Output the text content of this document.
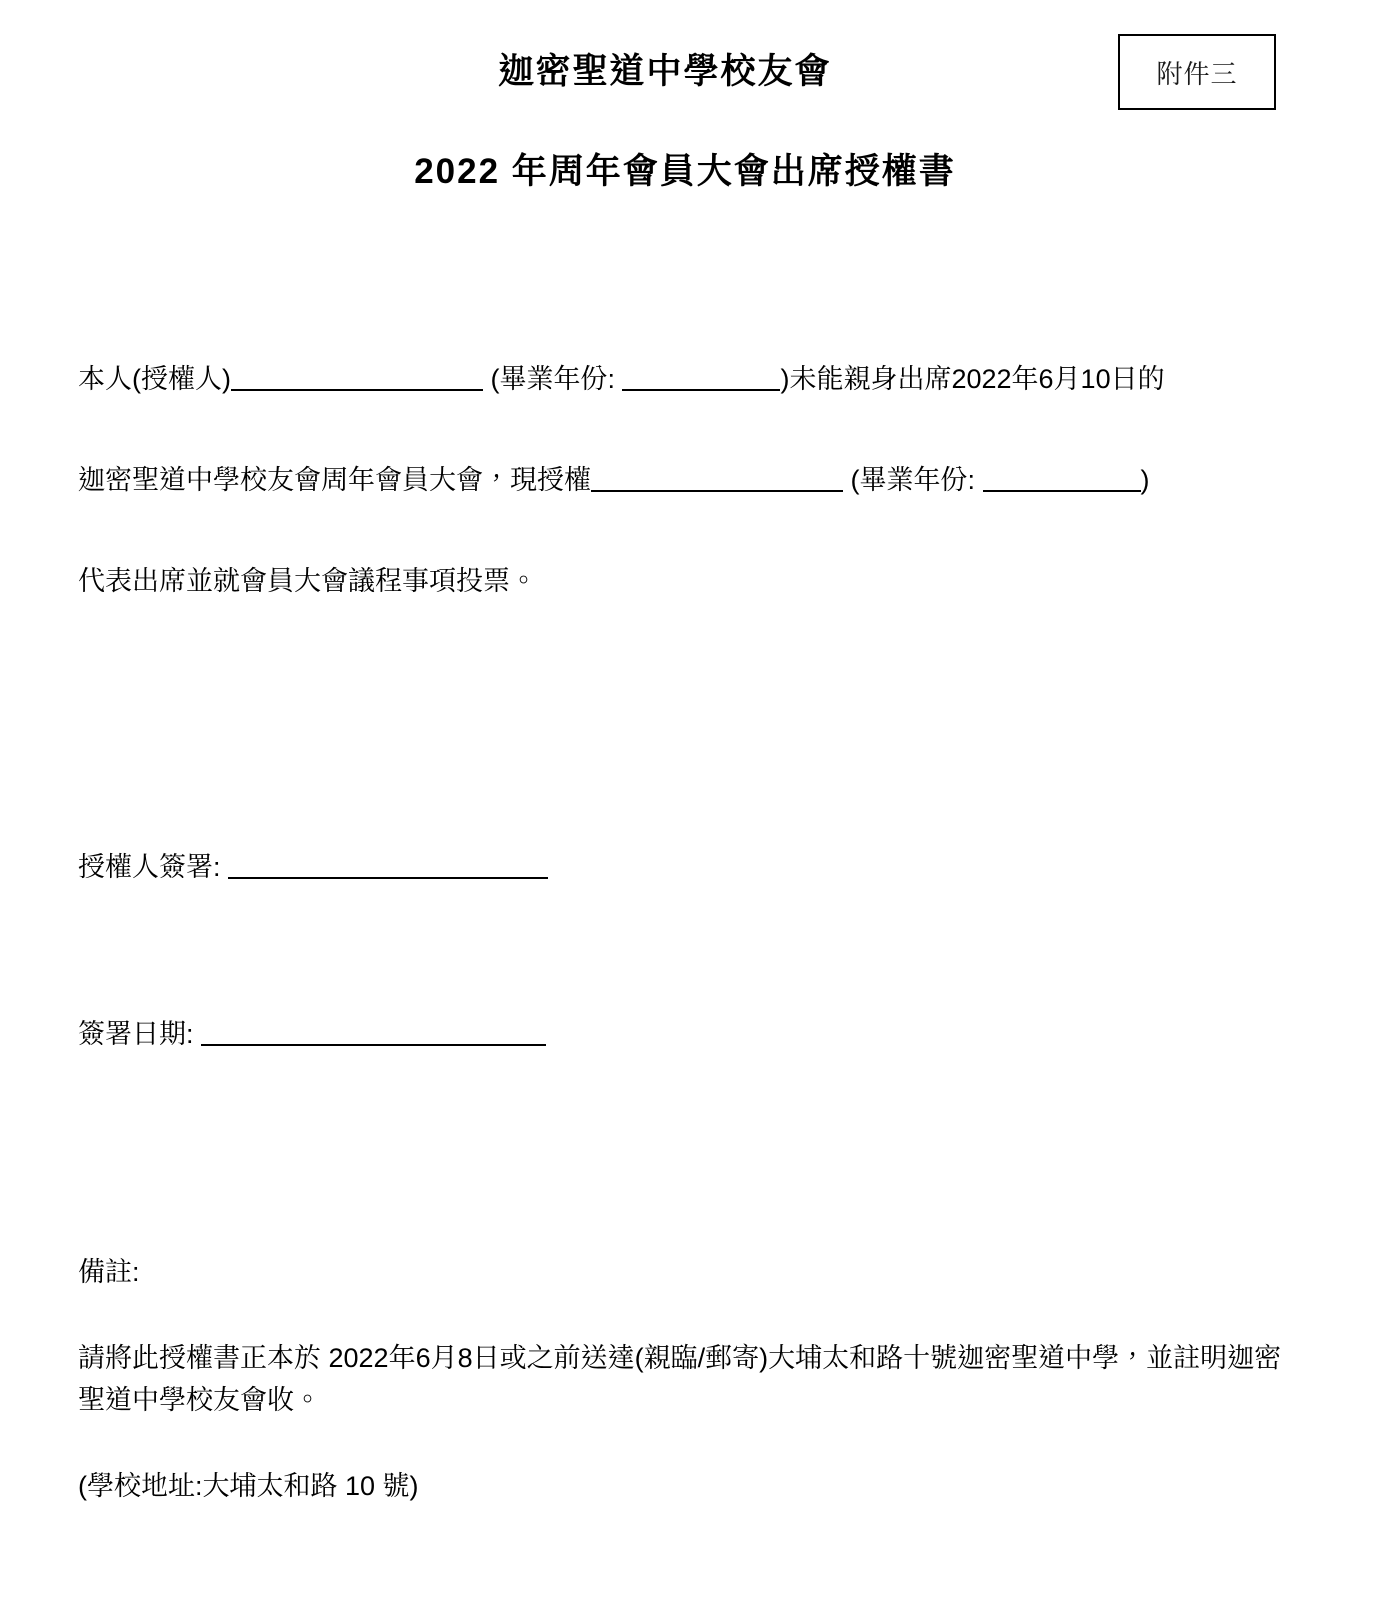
附件三
迦密聖道中學校友會
2022 年周年會員大會出席授權書
本人(授權人)	(畢業年份:	)未能親身出席2022年6月10日的
迦密聖道中學校友會周年會員大會，現授權	(畢業年份:	)
代表出席並就會員大會議程事項投票。
授權人簽署:
簽署日期:
備註:
請將此授權書正本於 2022年6月8日或之前送達(親臨/郵寄)大埔太和路十號迦密聖道中學，並註明迦密聖道中學校友會收。
(學校地址:大埔太和路 10 號)
